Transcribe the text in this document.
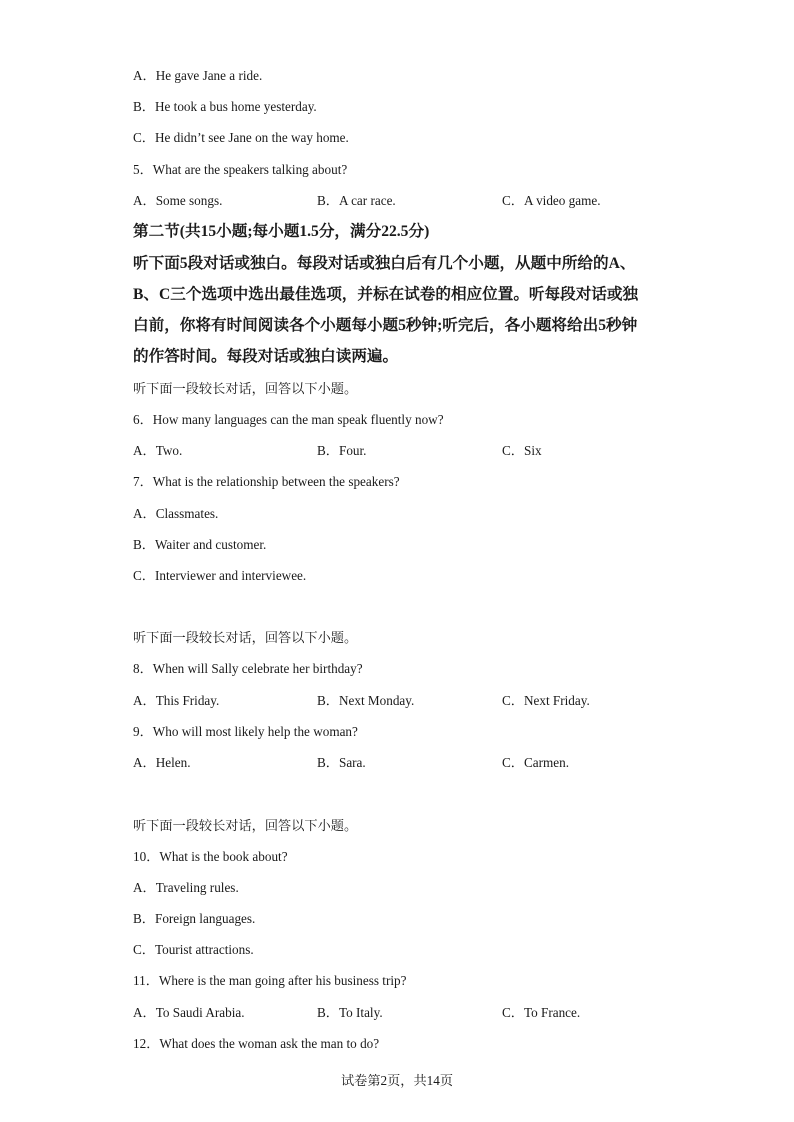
A．He gave Jane a ride.
B．He took a bus home yesterday.
C．He didn’t see Jane on the way home.
5．What are the speakers talking about?
A．Some songs.	B．A car race.	C．A video game.
第二节(共15小题;每小题1.5分，满分22.5分)
听下面5段对话或独白。每段对话或独白后有几个小题，从题中所给的A、
B、C三个选项中选出最佳选项，并标在试卷的相应位置。听每段对话或独
白前，你将有时间阅读各个小题每小题5秒钟;听完后，各小题将给出5秒钟
的作答时间。每段对话或独白读两遍。
听下面一段较长对话，回答以下小题。
6．How many languages can the man speak fluently now?
A．Two.	B．Four.	C．Six
7．What is the relationship between the speakers?
A．Classmates.
B．Waiter and customer.
C．Interviewer and interviewee.
听下面一段较长对话，回答以下小题。
8．When will Sally celebrate her birthday?
A．This Friday.	B．Next Monday.	C．Next Friday.
9．Who will most likely help the woman?
A．Helen.	B．Sara.	C．Carmen.
听下面一段较长对话，回答以下小题。
10．What is the book about?
A．Traveling rules.
B．Foreign languages.
C．Tourist attractions.
11．Where is the man going after his business trip?
A．To Saudi Arabia.	B．To Italy.	C．To France.
12．What does the woman ask the man to do?
试卷第2页，共14页
